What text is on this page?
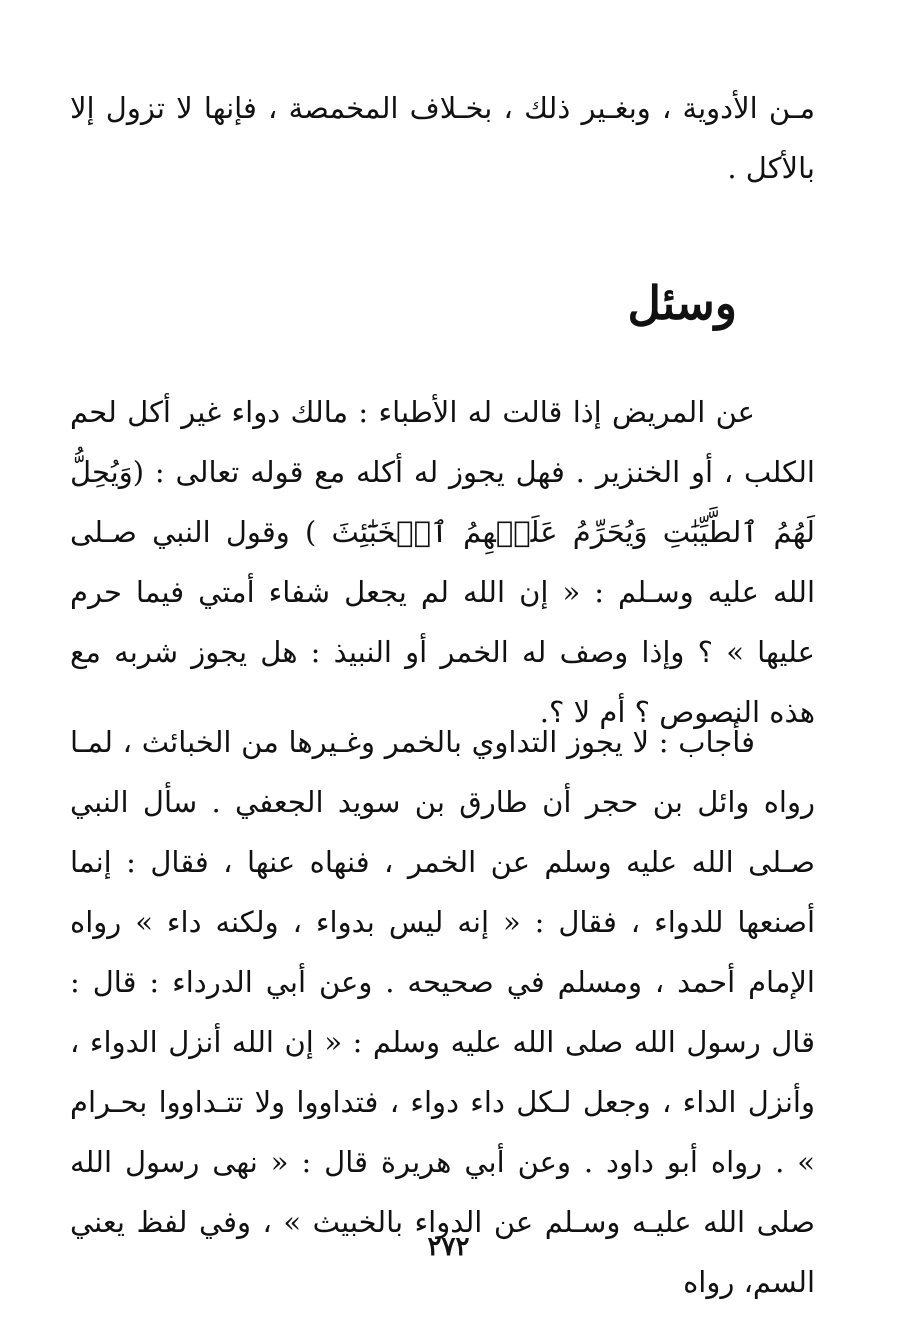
مـن الأدوية ، وبغـير ذلك ، بخـلاف المخمصة ، فإنها لا تزول إلا بالأكل .

وسئل

عن المريض إذا قالت له الأطباء : مالك دواء غير أكل لحم الكلب ، أو الخنزير . فهل يجوز له أكله مع قوله تعالى : (وَيُحِلُّ لَهُمُ ٱلطَّيِّبَٰتِ وَيُحَرِّمُ عَلَيۡهِمُ ٱلۡخَبَٰٓئِثَ ) وقول النبي صـلى الله عليه وسـلم : « إن الله لم يجعل شفاء أمتي فيما حرم عليها » ؟ وإذا وصف له الخمر أو النبيذ : هل يجوز شربه مع هذه النصوص ؟ أم لا ؟.

فأجاب : لا يجوز التداوي بالخمر وغـيرها من الخبائث ، لمـا رواه وائل بن حجر أن طارق بن سويد الجعفي . سأل النبي صـلى الله عليه وسلم عن الخمر ، فنهاه عنها ، فقال : إنما أصنعها للدواء ، فقال : « إنه ليس بدواء ، ولكنه داء » رواه الإمام أحمد ، ومسلم في صحيحه . وعن أبي الدرداء : قال : قال رسول الله صلى الله عليه وسلم : « إن الله أنزل الدواء ، وأنزل الداء ، وجعل لـكل داء دواء ، فتداووا ولا تتـداووا بحـرام » . رواه أبو داود . وعن أبي هريرة قال : « نهى رسول الله صلى الله عليـه وسـلم عن الدواء بالخبيث » ، وفي لفظ يعني السم، رواه

٢٧٢
